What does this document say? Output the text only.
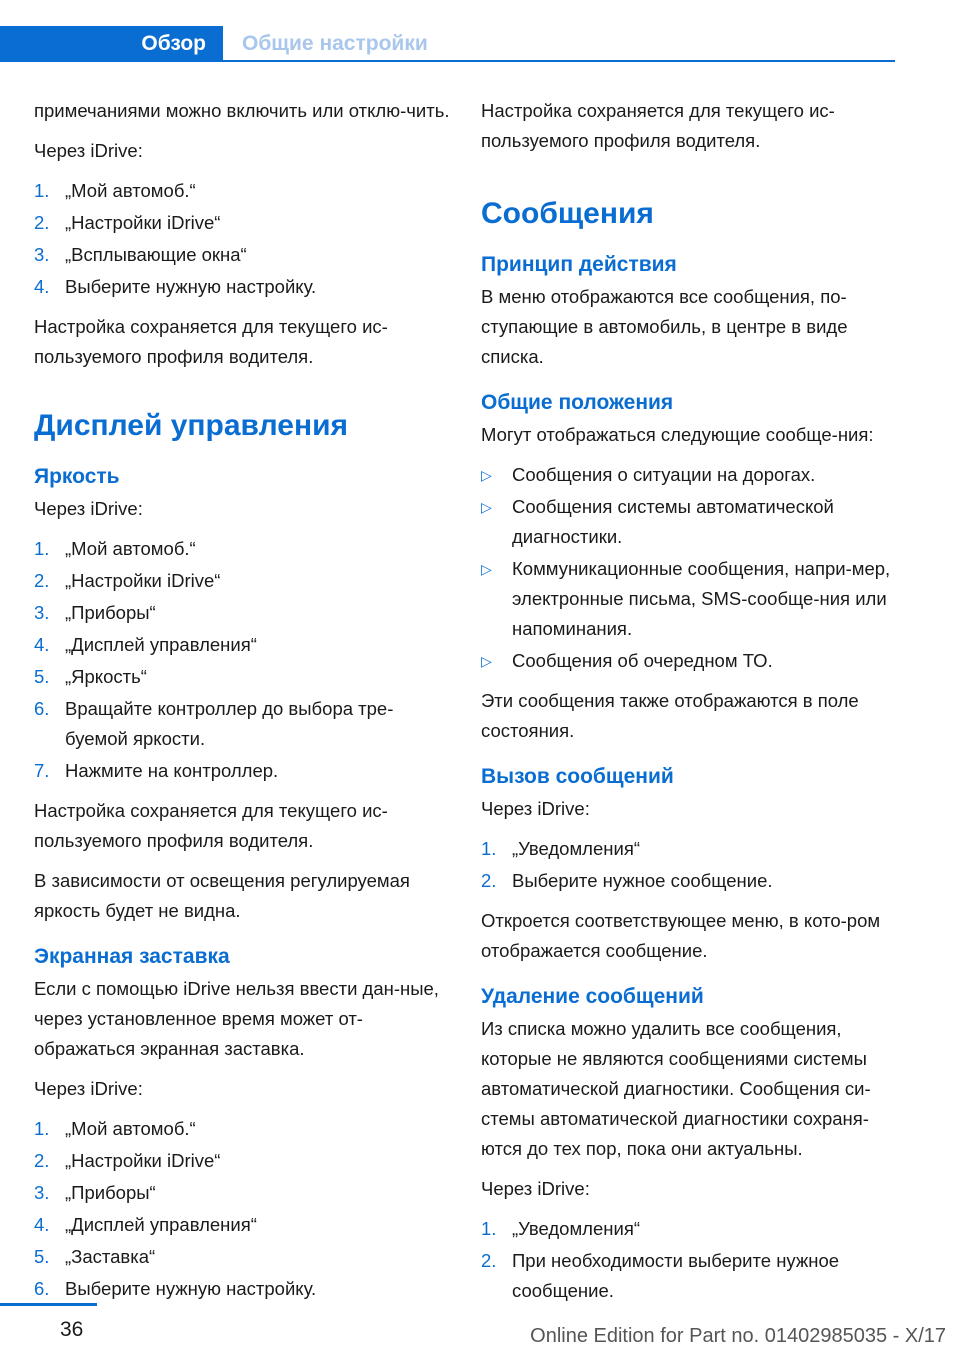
Обзор	Общие настройки

примечаниями можно включить или отклю-чить.

Через iDrive:

1. „Мой автомоб.“
2. „Настройки iDrive“
3. „Всплывающие окна“
4. Выберите нужную настройку.

Настройка сохраняется для текущего ис-пользуемого профиля водителя.

Дисплей управления
Яркость

Через iDrive:

1. „Мой автомоб.“
2. „Настройки iDrive“
3. „Приборы“
4. „Дисплей управления“
5. „Яркость“
6. Вращайте контроллер до выбора тре-буемой яркости.
7. Нажмите на контроллер.

Настройка сохраняется для текущего ис-пользуемого профиля водителя.

В зависимости от освещения регулируемая яркость будет не видна.

Экранная заставка

Если с помощью iDrive нельзя ввести дан-ные, через установленное время может от-ображаться экранная заставка.

Через iDrive:

1. „Мой автомоб.“
2. „Настройки iDrive“
3. „Приборы“
4. „Дисплей управления“
5. „Заставка“
6. Выберите нужную настройку.

Настройка сохраняется для текущего ис-пользуемого профиля водителя.

Сообщения
Принцип действия

В меню отображаются все сообщения, по-ступающие в автомобиль, в центре в виде списка.

Общие положения

Могут отображаться следующие сообще-ния:

▷ Сообщения о ситуации на дорогах.
▷ Сообщения системы автоматической диагностики.
▷ Коммуникационные сообщения, напри-мер, электронные письма, SMS-сообще-ния или напоминания.
▷ Сообщения об очередном ТО.

Эти сообщения также отображаются в поле состояния.

Вызов сообщений

Через iDrive:

1. „Уведомления“
2. Выберите нужное сообщение.

Откроется соответствующее меню, в кото-ром отображается сообщение.

Удаление сообщений

Из списка можно удалить все сообщения, которые не являются сообщениями системы автоматической диагностики. Сообщения си-стемы автоматической диагностики сохраня-ются до тех пор, пока они актуальны.

Через iDrive:

1. „Уведомления“
2. При необходимости выберите нужное сообщение.
36	Online Edition for Part no. 01402985035 - X/17
